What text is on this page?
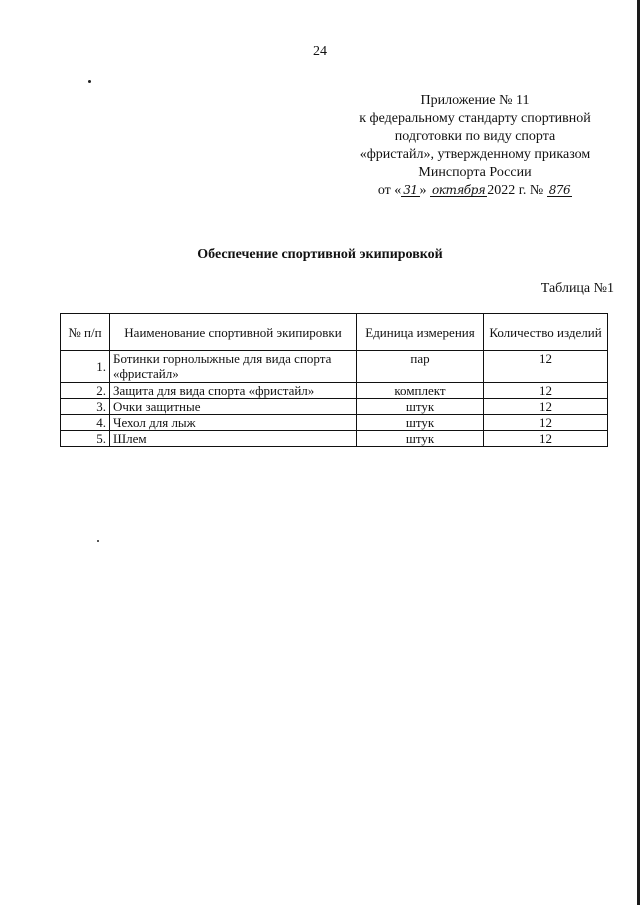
24
Приложение № 11
к федеральному стандарту спортивной
подготовки по виду спорта
«фристайл», утвержденному приказом
Минспорта России
от « 31 » октября 2022 г. № 876
Обеспечение спортивной экипировкой
Таблица №1
№ п/п	Наименование спортивной экипировки	Единица измерения	Количество изделий
1.	Ботинки горнолыжные для вида спорта «фристайл»	пар	12
2.	Защита для вида спорта «фристайл»	комплект	12
3.	Очки защитные	штук	12
4.	Чехол для лыж	штук	12
5.	Шлем	штук	12
